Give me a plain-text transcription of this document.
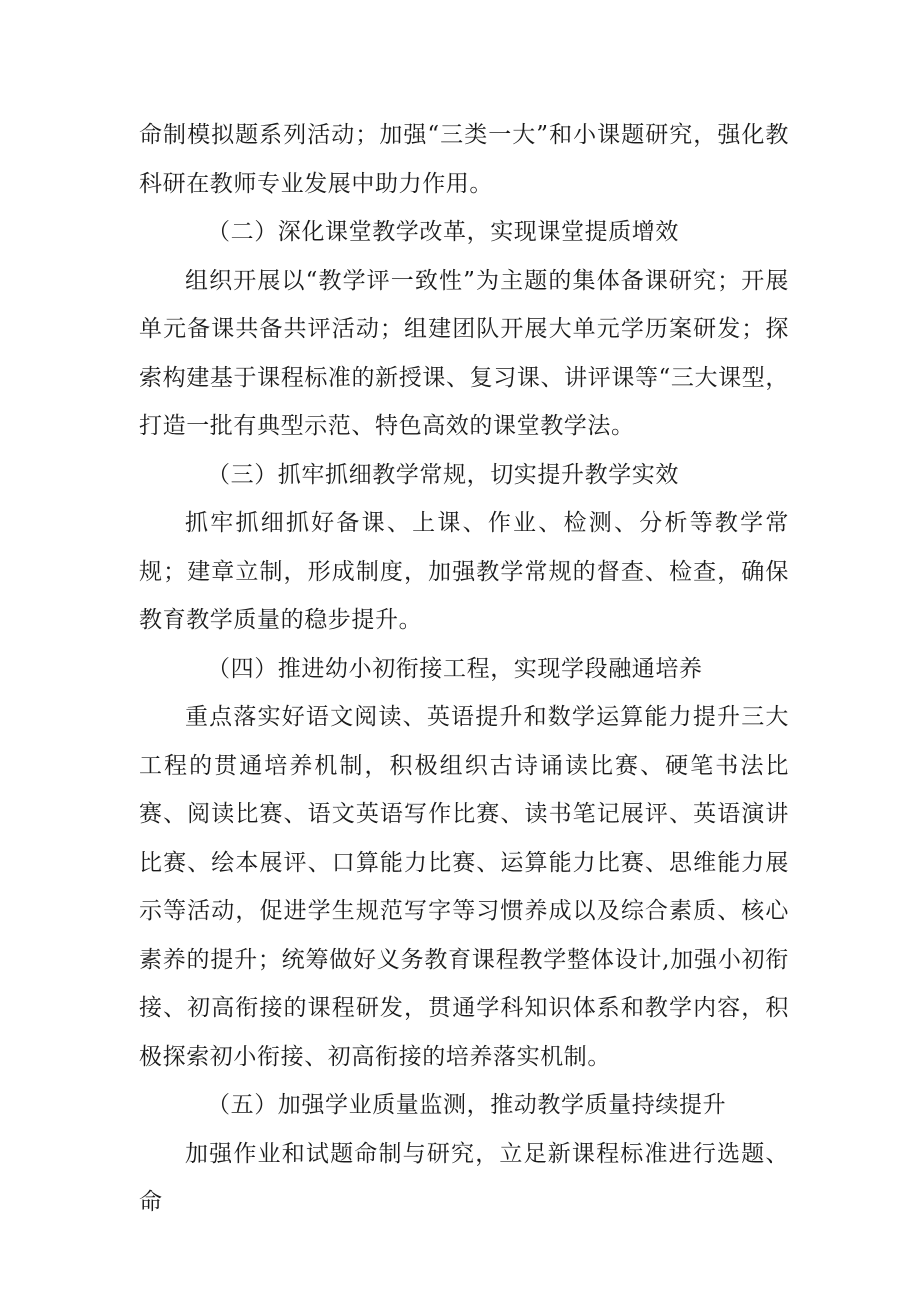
命制模拟题系列活动；加强“三类一大”和小课题研究，强化教科研在教师专业发展中助力作用。

（二）深化课堂教学改革，实现课堂提质增效

组织开展以“教学评一致性”为主题的集体备课研究；开展单元备课共备共评活动；组建团队开展大单元学历案研发；探索构建基于课程标准的新授课、复习课、讲评课等“三大课型，打造一批有典型示范、特色高效的课堂教学法。

（三）抓牢抓细教学常规，切实提升教学实效

抓牢抓细抓好备课、上课、作业、检测、分析等教学常规；建章立制，形成制度，加强教学常规的督查、检查，确保教育教学质量的稳步提升。

（四）推进幼小初衔接工程，实现学段融通培养

重点落实好语文阅读、英语提升和数学运算能力提升三大工程的贯通培养机制，积极组织古诗诵读比赛、硬笔书法比赛、阅读比赛、语文英语写作比赛、读书笔记展评、英语演讲比赛、绘本展评、口算能力比赛、运算能力比赛、思维能力展示等活动，促进学生规范写字等习惯养成以及综合素质、核心素养的提升；统筹做好义务教育课程教学整体设计,加强小初衔接、初高衔接的课程研发，贯通学科知识体系和教学内容，积极探索初小衔接、初高衔接的培养落实机制。

（五）加强学业质量监测，推动教学质量持续提升

加强作业和试题命制与研究，立足新课程标准进行选题、命
